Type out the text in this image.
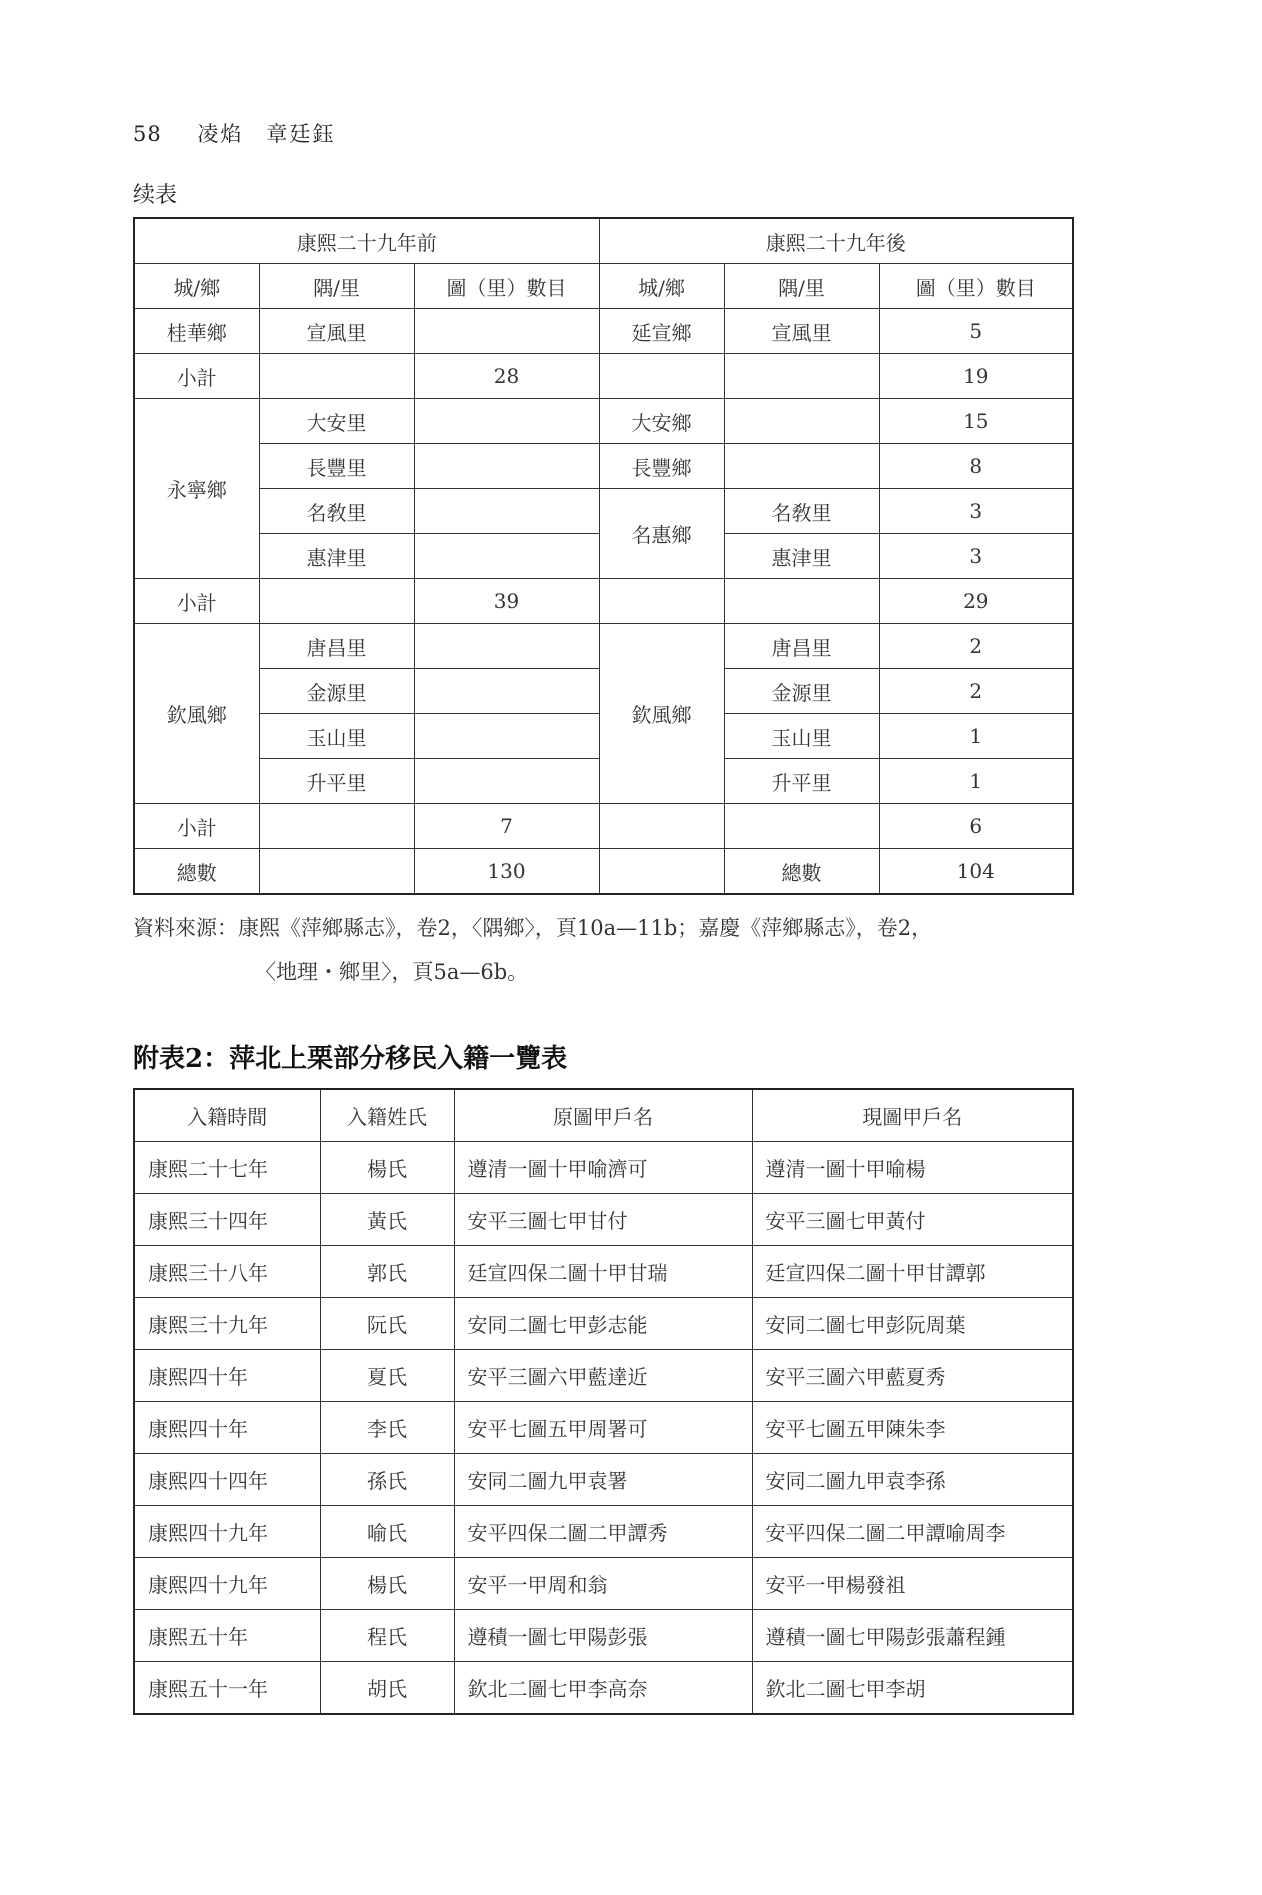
58 凌焰　章廷鈺
续表
康熙二十九年前			康熙二十九年後		
城/鄉	隅/里	圖（里）數目	城/鄉	隅/里	圖（里）數目
桂華鄉	宣風里		延宣鄉	宣風里	5
小計		28			19
永寧鄉	大安里		大安鄉		15
	長豐里		長豐鄉		8
	名敎里		名惠鄉	名敎里	3
	惠津里			惠津里	3
小計		39			29
欽風鄉	唐昌里		欽風鄉	唐昌里	2
	金源里			金源里	2
	玉山里			玉山里	1
	升平里			升平里	1
小計		7			6
總數		130		總數	104
資料來源：康熙《萍鄉縣志》，卷2，〈隅鄉〉，頁10a—11b；嘉慶《萍鄉縣志》，卷2，
〈地理・鄉里〉，頁5a—6b。
附表2：萍北上栗部分移民入籍一覽表
入籍時間	入籍姓氏	原圖甲戶名	現圖甲戶名
康熙二十七年	楊氏	遵清一圖十甲喻濟可	遵清一圖十甲喻楊
康熙三十四年	黃氏	安平三圖七甲甘付	安平三圖七甲黃付
康熙三十八年	郭氏	廷宣四保二圖十甲甘瑞	廷宣四保二圖十甲甘譚郭
康熙三十九年	阮氏	安同二圖七甲彭志能	安同二圖七甲彭阮周葉
康熙四十年	夏氏	安平三圖六甲藍達近	安平三圖六甲藍夏秀
康熙四十年	李氏	安平七圖五甲周署可	安平七圖五甲陳朱李
康熙四十四年	孫氏	安同二圖九甲袁署	安同二圖九甲袁李孫
康熙四十九年	喻氏	安平四保二圖二甲譚秀	安平四保二圖二甲譚喻周李
康熙四十九年	楊氏	安平一甲周和翁	安平一甲楊發祖
康熙五十年	程氏	遵積一圖七甲陽彭張	遵積一圖七甲陽彭張蕭程鍾
康熙五十一年	胡氏	欽北二圖七甲李高奈	欽北二圖七甲李胡
